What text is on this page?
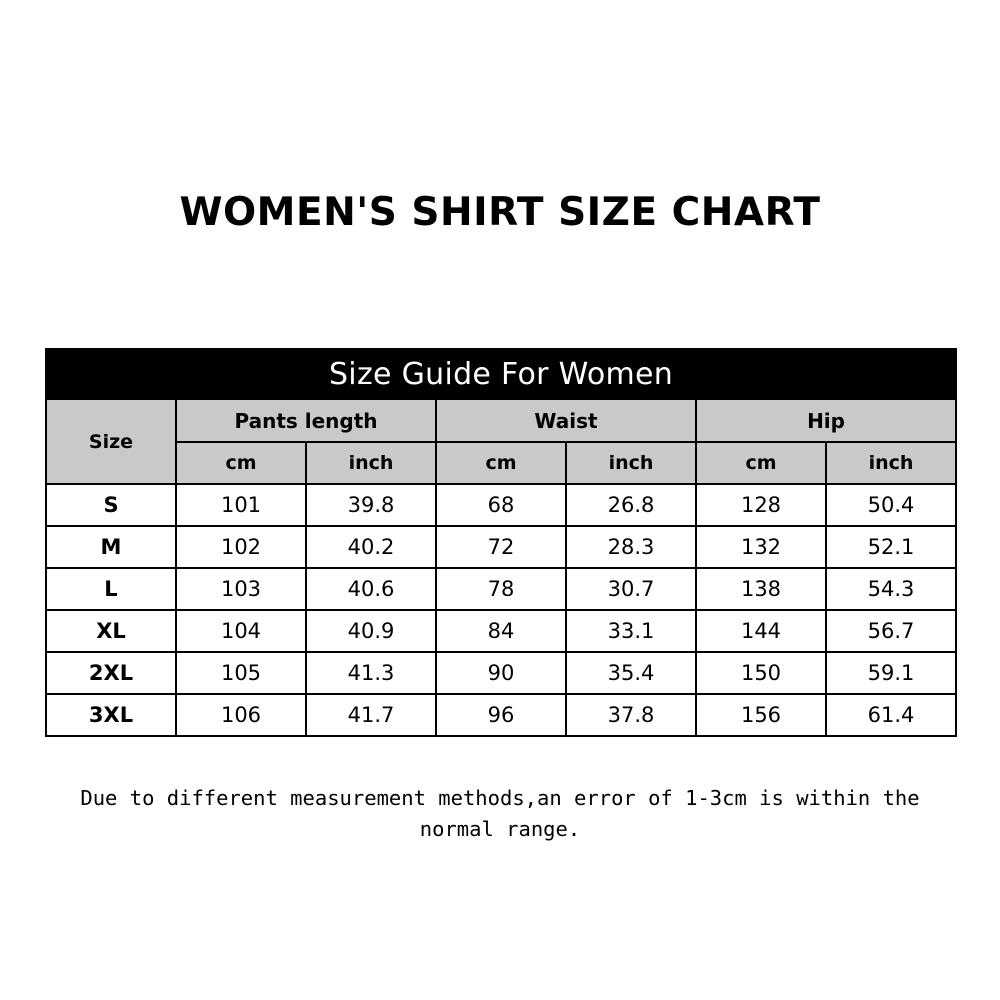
WOMEN'S SHIRT SIZE CHART
Size Guide For Women						
Size	Pants length		Waist		Hip	
	cm	inch	cm	inch	cm	inch
S	101	39.8	68	26.8	128	50.4
M	102	40.2	72	28.3	132	52.1
L	103	40.6	78	30.7	138	54.3
XL	104	40.9	84	33.1	144	56.7
2XL	105	41.3	90	35.4	150	59.1
3XL	106	41.7	96	37.8	156	61.4
Due to different measurement methods,an error of 1-3cm is within the normal range.
